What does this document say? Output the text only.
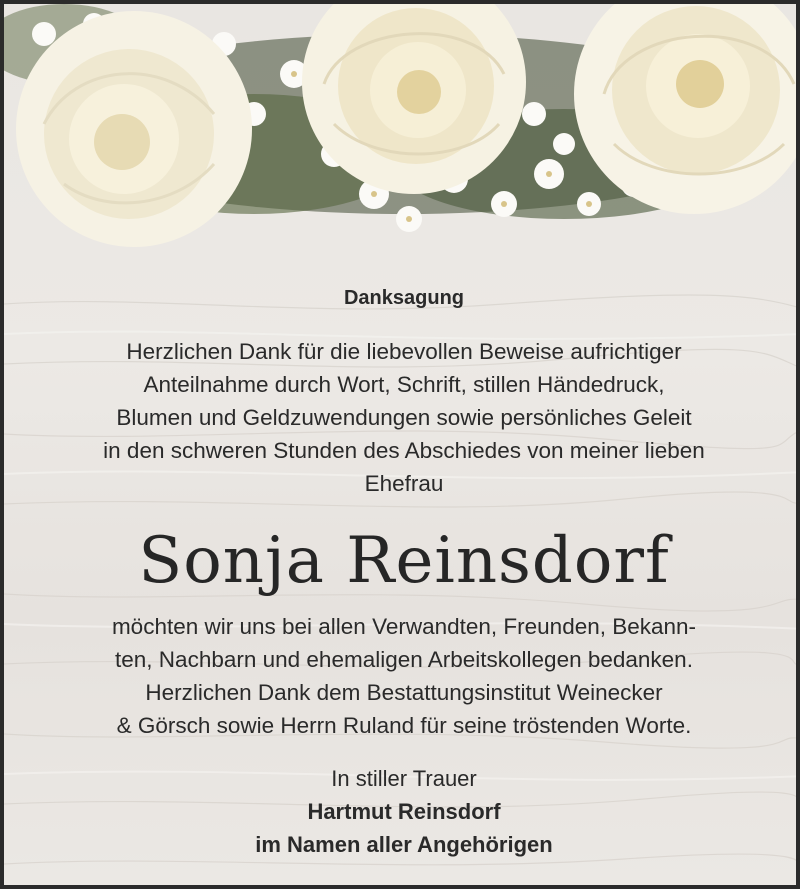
Danksagung
Herzlichen Dank für die liebevollen Beweise aufrichtiger
Anteilnahme durch Wort, Schrift, stillen Händedruck,
Blumen und Geldzuwendungen sowie persönliches Geleit
in den schweren Stunden des Abschiedes von meiner lieben
Ehefrau
Sonja Reinsdorf
möchten wir uns bei allen Verwandten, Freunden, Bekann-
ten, Nachbarn und ehemaligen Arbeitskollegen bedanken.
Herzlichen Dank dem Bestattungsinstitut Weinecker
& Görsch sowie Herrn Ruland für seine tröstenden Worte.
In stiller Trauer
Hartmut Reinsdorf
im Namen aller Angehörigen
